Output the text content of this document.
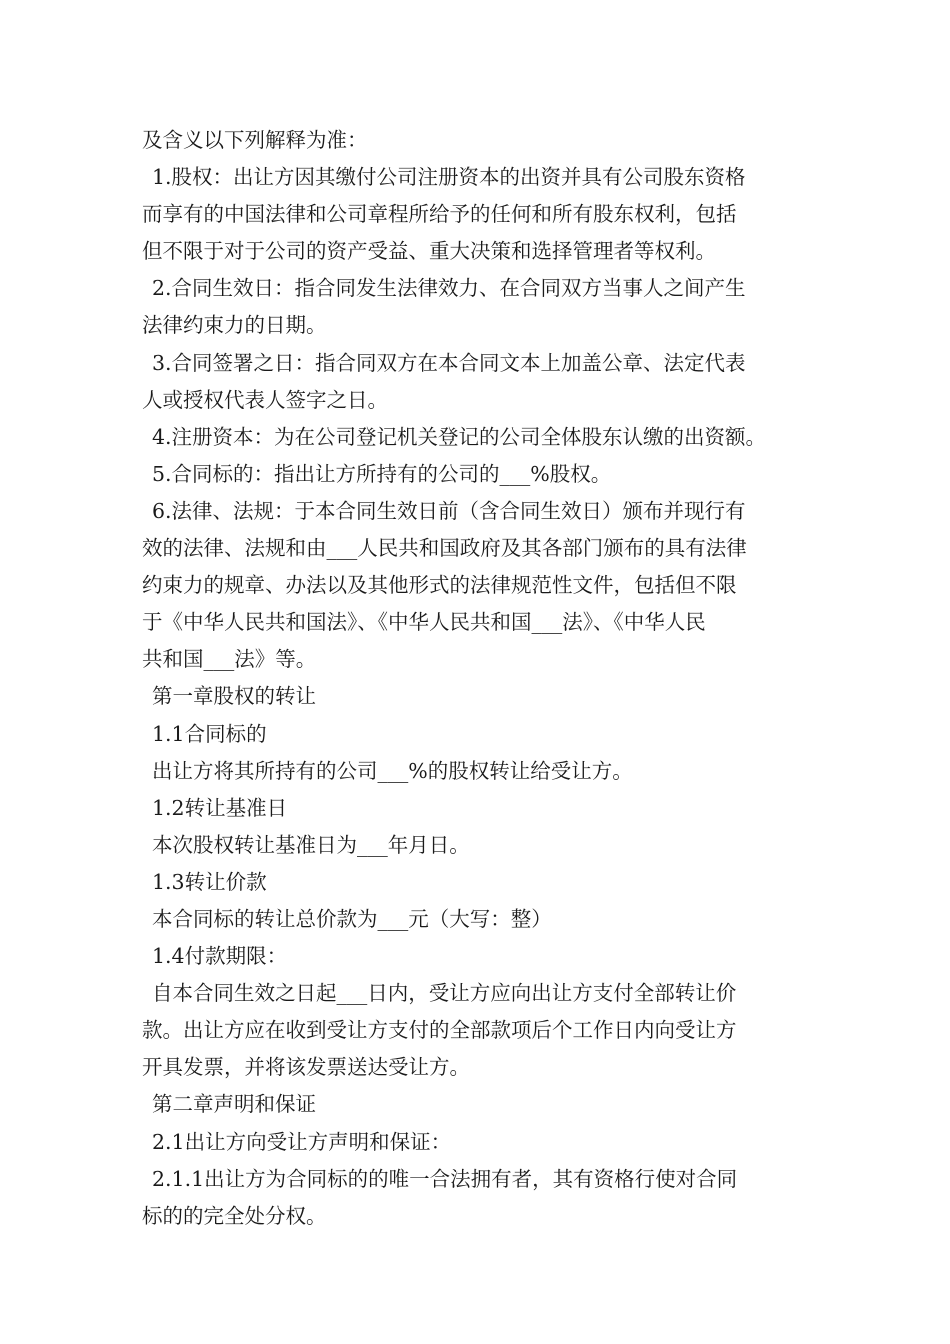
及含义以下列解释为准：
1.股权：出让方因其缴付公司注册资本的出资并具有公司股东资格
而享有的中国法律和公司章程所给予的任何和所有股东权利，包括
但不限于对于公司的资产受益、重大决策和选择管理者等权利。
2.合同生效日：指合同发生法律效力、在合同双方当事人之间产生
法律约束力的日期。
3.合同签署之日：指合同双方在本合同文本上加盖公章、法定代表
人或授权代表人签字之日。
4.注册资本：为在公司登记机关登记的公司全体股东认缴的出资额。
5.合同标的：指出让方所持有的公司的___%股权。
6.法律、法规：于本合同生效日前（含合同生效日）颁布并现行有
效的法律、法规和由___人民共和国政府及其各部门颁布的具有法律
约束力的规章、办法以及其他形式的法律规范性文件，包括但不限
于《中华人民共和国法》、《中华人民共和国___法》、《中华人民
共和国___法》等。
第一章股权的转让
1.1合同标的
出让方将其所持有的公司___%的股权转让给受让方。
1.2转让基准日
本次股权转让基准日为___年月日。
1.3转让价款
本合同标的转让总价款为___元（大写：整）
1.4付款期限：
自本合同生效之日起___日内，受让方应向出让方支付全部转让价
款。出让方应在收到受让方支付的全部款项后个工作日内向受让方
开具发票，并将该发票送达受让方。
第二章声明和保证
2.1出让方向受让方声明和保证：
2.1.1出让方为合同标的的唯一合法拥有者，其有资格行使对合同
标的的完全处分权。
